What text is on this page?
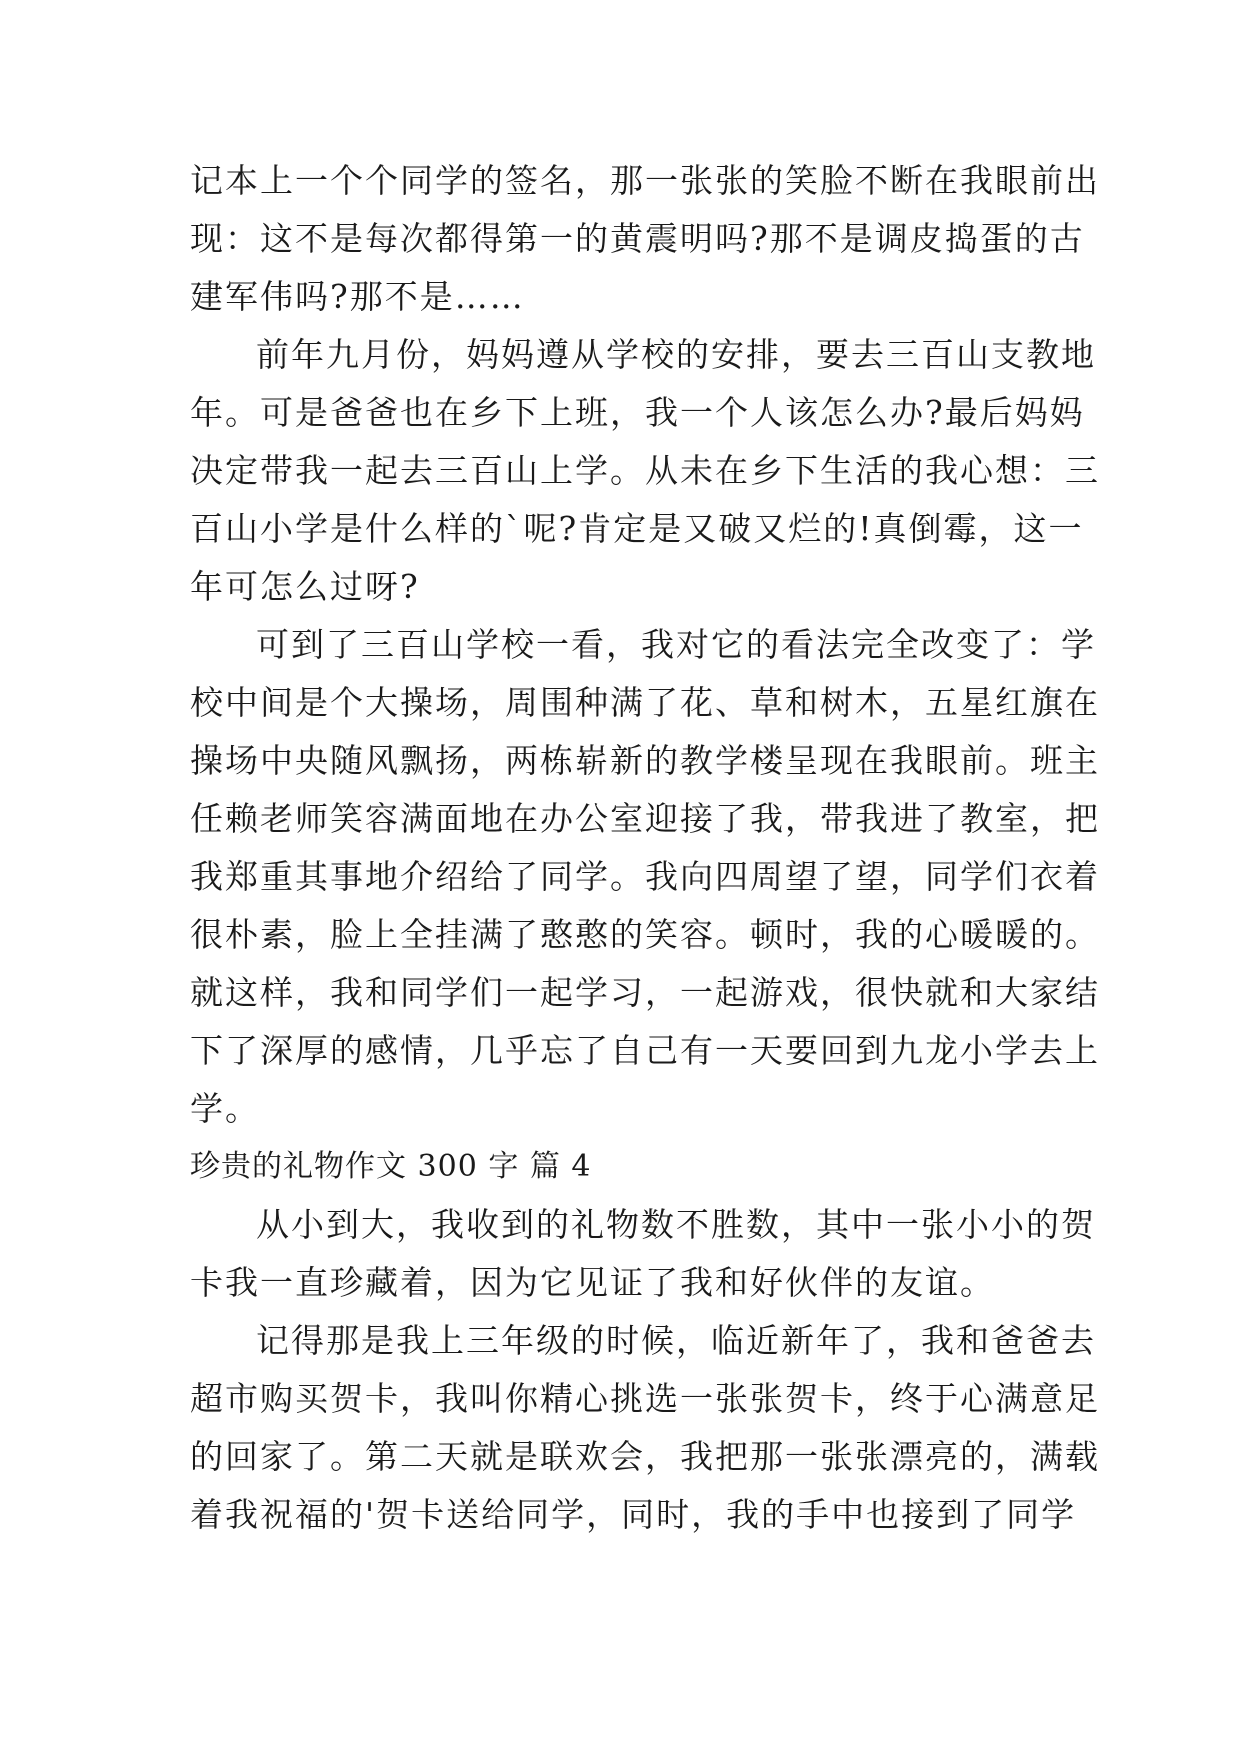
记本上一个个同学的签名，那一张张的笑脸不断在我眼前出
现：这不是每次都得第一的黄震明吗?那不是调皮捣蛋的古
建军伟吗?那不是……
前年九月份，妈妈遵从学校的安排，要去三百山支教地
年。可是爸爸也在乡下上班，我一个人该怎么办?最后妈妈
决定带我一起去三百山上学。从未在乡下生活的我心想：三
百山小学是什么样的`呢?肯定是又破又烂的!真倒霉，这一
年可怎么过呀?
可到了三百山学校一看，我对它的看法完全改变了：学
校中间是个大操场，周围种满了花、草和树木，五星红旗在
操场中央随风飘扬，两栋崭新的教学楼呈现在我眼前。班主
任赖老师笑容满面地在办公室迎接了我，带我进了教室，把
我郑重其事地介绍给了同学。我向四周望了望，同学们衣着
很朴素，脸上全挂满了憨憨的笑容。顿时，我的心暖暖的。
就这样，我和同学们一起学习，一起游戏，很快就和大家结
下了深厚的感情，几乎忘了自己有一天要回到九龙小学去上
学。
珍贵的礼物作文 300 字 篇 4
从小到大，我收到的礼物数不胜数，其中一张小小的贺
卡我一直珍藏着，因为它见证了我和好伙伴的友谊。
记得那是我上三年级的时候，临近新年了，我和爸爸去
超市购买贺卡，我叫你精心挑选一张张贺卡，终于心满意足
的回家了。第二天就是联欢会，我把那一张张漂亮的，满载
着我祝福的'贺卡送给同学，同时，我的手中也接到了同学
